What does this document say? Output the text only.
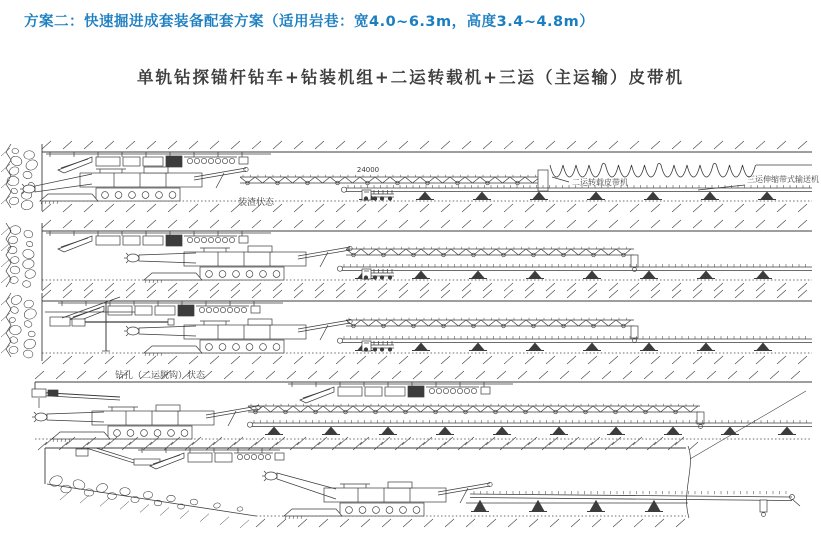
装渣状态
24000
二运转载皮带机	三运伸缩带式输送机
钻孔（二运脱钩）状态
方案二：快速掘进成套装备配套方案（适用岩巷：宽4.0~6.3m，高度3.4~4.8m）
单轨钻探锚杆钻车+钻装机组+二运转载机+三运（主运输）皮带机
